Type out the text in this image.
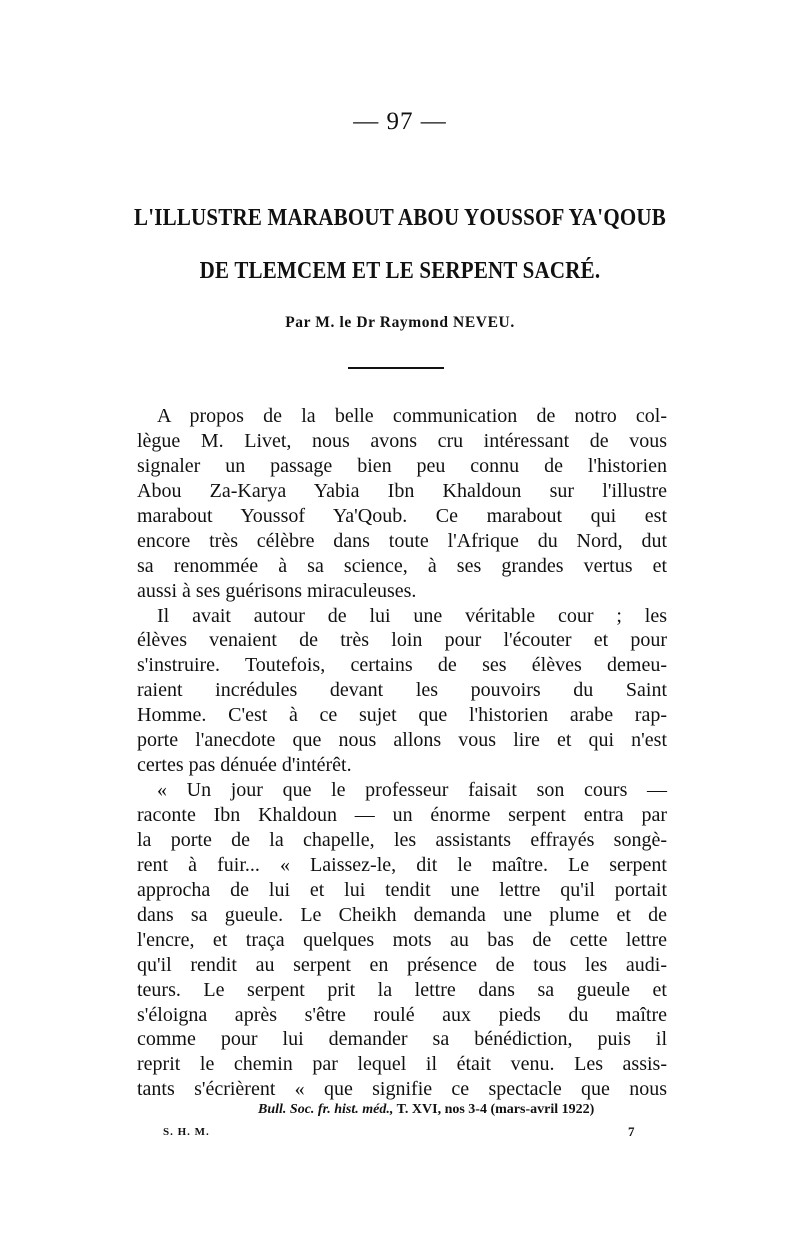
— 97 —
L'ILLUSTRE MARABOUT ABOU YOUSSOF YA'QOUB
DE TLEMCEM ET LE SERPENT SACRÉ.
Par M. le Dr Raymond NEVEU.
A propos de la belle communication de notro col-
lègue M. Livet, nous avons cru intéressant de vous
signaler un passage bien peu connu de l'historien
Abou Za-Karya Yabia Ibn Khaldoun sur l'illustre
marabout Youssof Ya'Qoub. Ce marabout qui est
encore très célèbre dans toute l'Afrique du Nord, dut
sa renommée à sa science, à ses grandes vertus et
aussi à ses guérisons miraculeuses.
Il avait autour de lui une véritable cour ; les
élèves venaient de très loin pour l'écouter et pour
s'instruire. Toutefois, certains de ses élèves demeu-
raient incrédules devant les pouvoirs du Saint
Homme. C'est à ce sujet que l'historien arabe rap-
porte l'anecdote que nous allons vous lire et qui n'est
certes pas dénuée d'intérêt.
« Un jour que le professeur faisait son cours —
raconte Ibn Khaldoun — un énorme serpent entra par
la porte de la chapelle, les assistants effrayés songè-
rent à fuir... « Laissez-le, dit le maître. Le serpent
approcha de lui et lui tendit une lettre qu'il portait
dans sa gueule. Le Cheikh demanda une plume et de
l'encre, et traça quelques mots au bas de cette lettre
qu'il rendit au serpent en présence de tous les audi-
teurs. Le serpent prit la lettre dans sa gueule et
s'éloigna après s'être roulé aux pieds du maître
comme pour lui demander sa bénédiction, puis il
reprit le chemin par lequel il était venu. Les assis-
tants s'écrièrent « que signifie ce spectacle que nous
Bull. Soc. fr. hist. méd., T. XVI, nos 3-4 (mars-avril 1922)
S. H. M.	7
